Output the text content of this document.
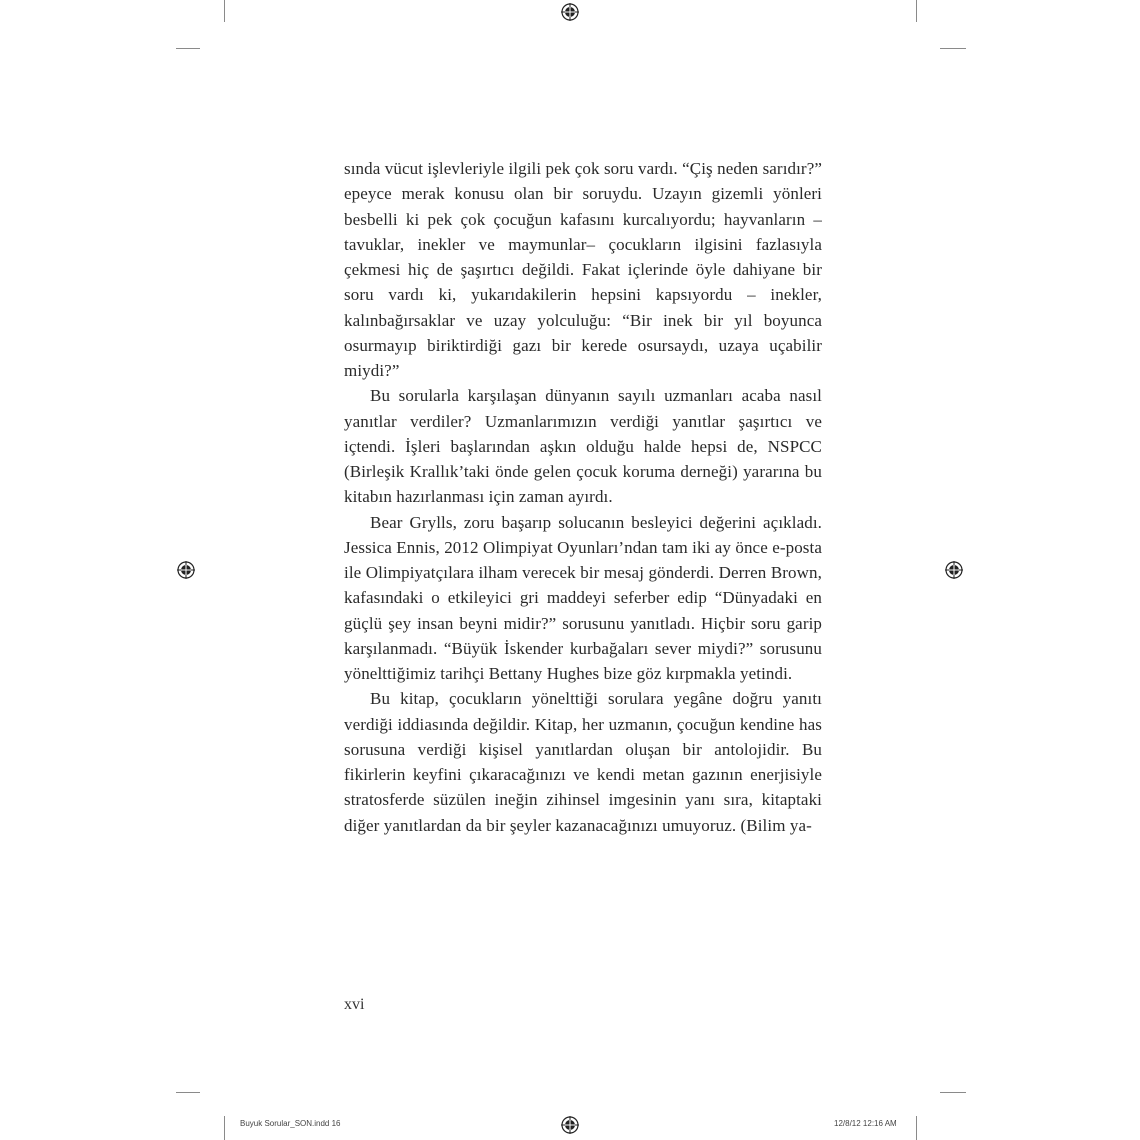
sında vücut işlevleriyle ilgili pek çok soru vardı. “Çiş neden sarıdır?” epeyce merak konusu olan bir soruydu. Uzayın gizemli yönleri besbelli ki pek çok çocuğun kafasını kurcalıyordu; hayvanların –tavuklar, inekler ve maymunlar– çocukların ilgisini fazlasıyla çekmesi hiç de şaşırtıcı değildi. Fakat içlerinde öyle dahiyane bir soru vardı ki, yukarıdakilerin hepsini kapsıyordu – inekler, kalınbağırsaklar ve uzay yolculuğu: “Bir inek bir yıl boyunca osurmayıp biriktirdiği gazı bir kerede osursaydı, uzaya uçabilir miydi?”

Bu sorularla karşılaşan dünyanın sayılı uzmanları acaba nasıl yanıtlar verdiler? Uzmanlarımızın verdiği yanıtlar şaşırtıcı ve içtendi. İşleri başlarından aşkın olduğu halde hepsi de, NSPCC (Birleşik Krallık’taki önde gelen çocuk koruma derneği) yararına bu kitabın hazırlanması için zaman ayırdı.

Bear Grylls, zoru başarıp solucanın besleyici değerini açıkladı. Jessica Ennis, 2012 Olimpiyat Oyunları’ndan tam iki ay önce e-posta ile Olimpiyatçılara ilham verecek bir mesaj gönderdi. Derren Brown, kafasındaki o etkileyici gri maddeyi seferber edip “Dünyadaki en güçlü şey insan beyni midir?” sorusunu yanıtladı. Hiçbir soru garip karşılanmadı. “Büyük İskender kurbağaları sever miydi?” sorusunu yönelttiğimiz tarihçi Bettany Hughes bize göz kırpmakla yetindi.

Bu kitap, çocukların yönelttiği sorulara yegâne doğru yanıtı verdiği iddiasında değildir. Kitap, her uzmanın, çocuğun kendine has sorusuna verdiği kişisel yanıtlardan oluşan bir antolojidir. Bu fikirlerin keyfini çıkaracağınızı ve kendi metan gazının enerjisiyle stratosferde süzülen ineğin zihinsel imgesinin yanı sıra, kitaptaki diğer yanıtlardan da bir şeyler kazanacağınızı umuyoruz. (Bilim ya-

xvi
Buyuk Sorular_SON.indd 16	12/8/12 12:16 AM
